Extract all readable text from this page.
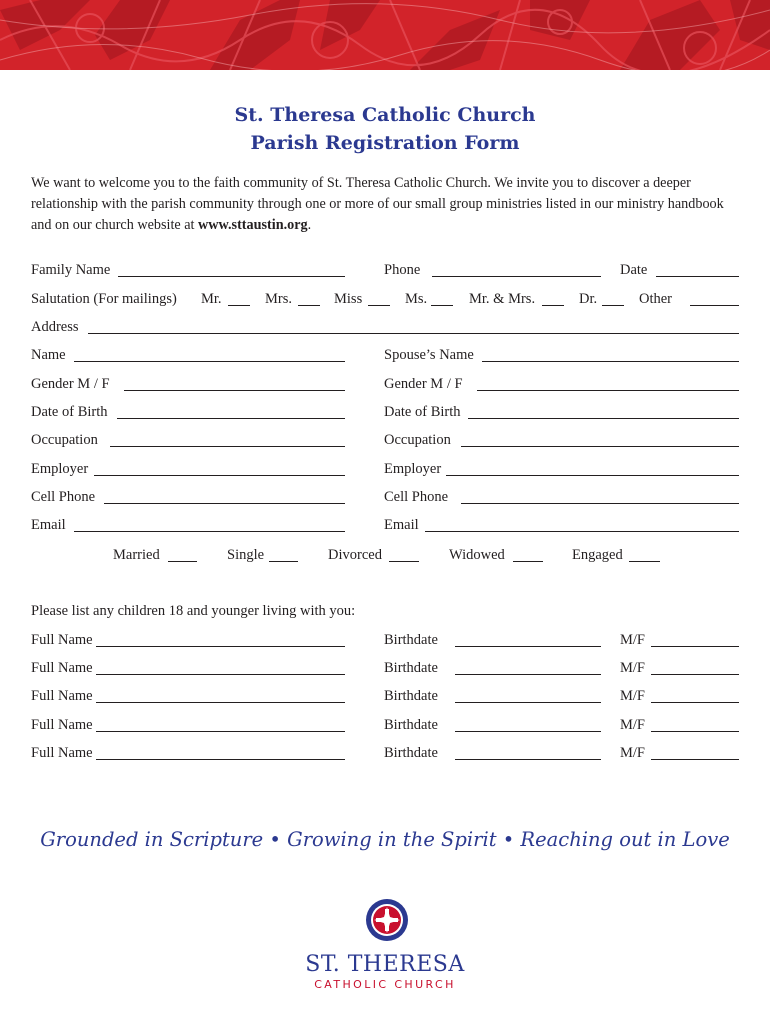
St. Theresa Catholic Church
Parish Registration Form
We want to welcome you to the faith community of St. Theresa Catholic Church. We invite you to discover a deeper relationship with the parish community through one or more of our small group ministries listed in our ministry handbook and on our church website at www.sttaustin.org.
Family Name	Phone	Date
Salutation (For mailings) Mr.	Mrs.	Miss	Ms.	Mr. & Mrs.	Dr.	Other
Address
Name	Spouse’s Name
Gender M / F	Gender M / F
Date of Birth	Date of Birth
Occupation	Occupation
Employer	Employer
Cell Phone	Cell Phone
Email	Email
Married	Single	Divorced	Widowed	Engaged
Please list any children 18 and younger living with you:
Full Name	Birthdate	M/F
Full Name	Birthdate	M/F
Full Name	Birthdate	M/F
Full Name	Birthdate	M/F
Full Name	Birthdate	M/F
Grounded in Scripture • Growing in the Spirit • Reaching out in Love
ST. THERESA
CATHOLIC CHURCH
